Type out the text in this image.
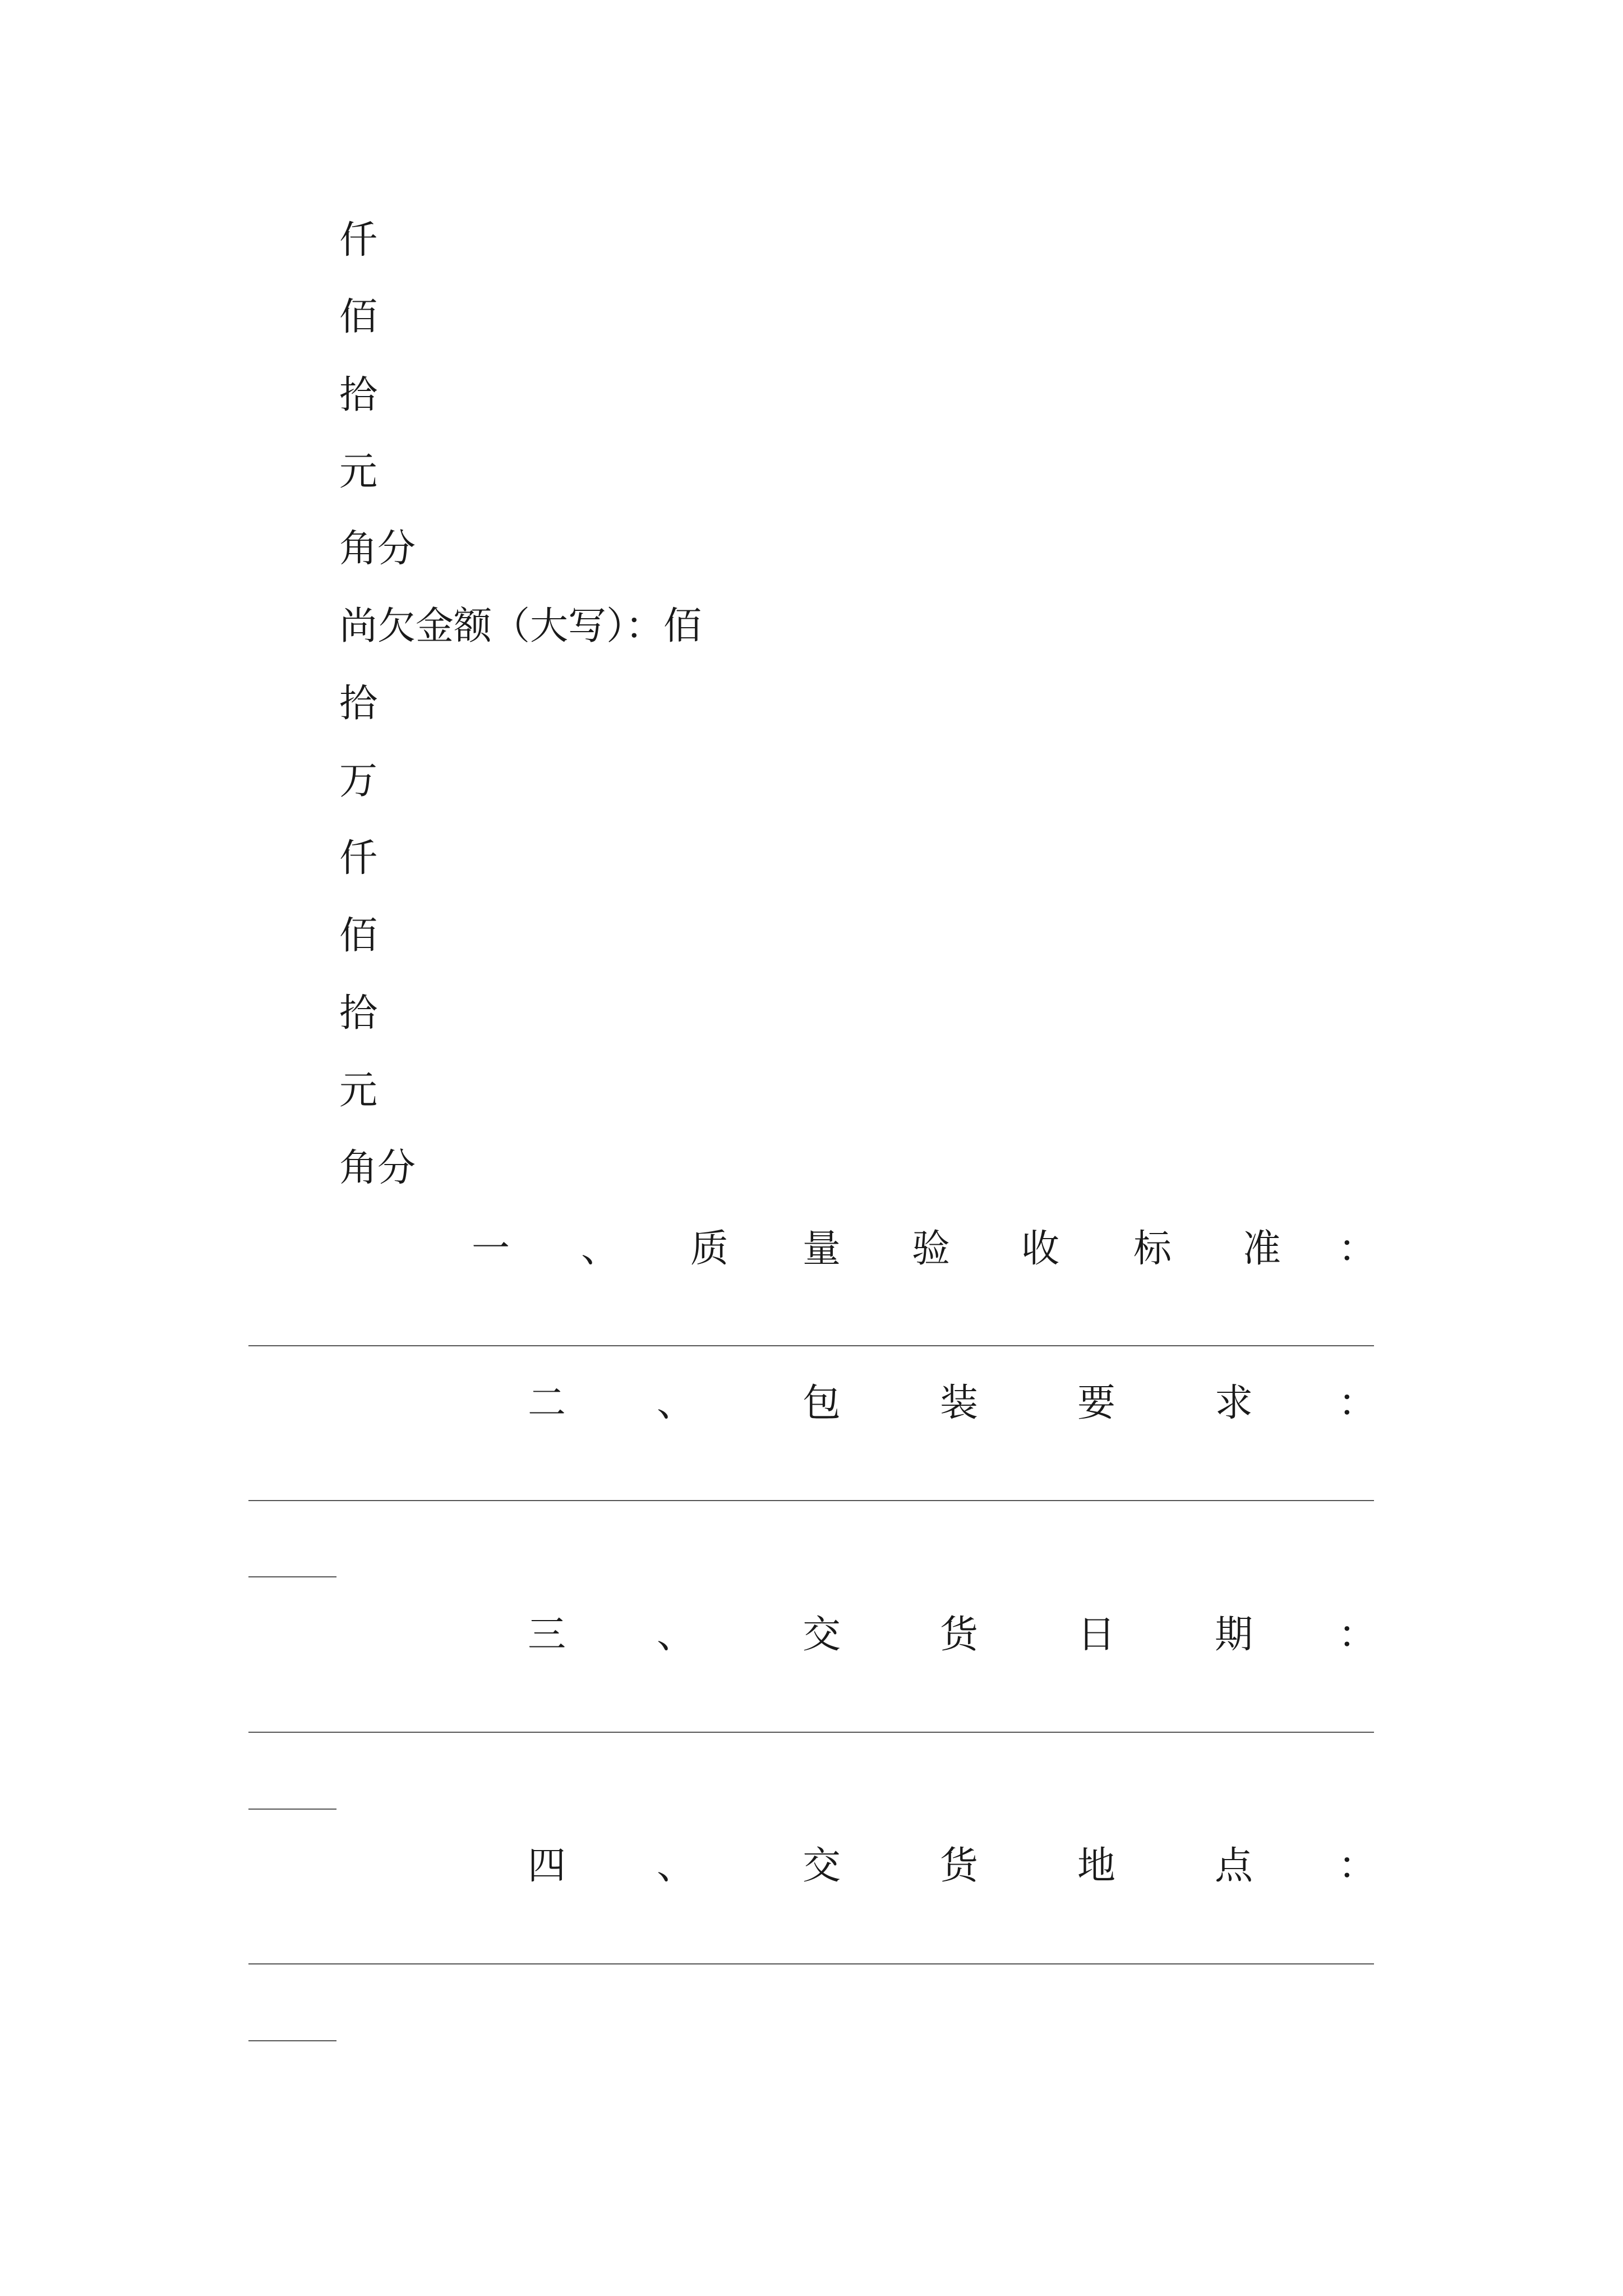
仟
佰
拾
元
角分
尚欠金额（大写）：佰
拾
万
仟
佰
拾
元
角分
一 、 质 量 验 收 标 准 ：
二 、	包	装	要	求 ：
三 、	交	货	日	期 ：
四 、	交	货	地	点 ：
